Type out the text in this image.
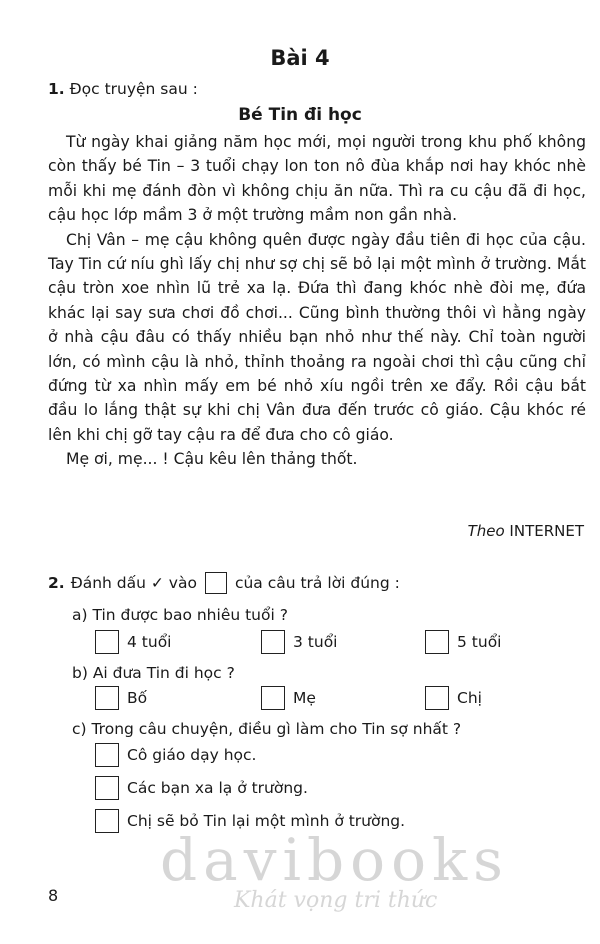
Bài 4
1. Đọc truyện sau :
Bé Tin đi học

Từ ngày khai giảng năm học mới, mọi người trong khu phố không còn thấy bé Tin – 3 tuổi chạy lon ton nô đùa khắp nơi hay khóc nhè mỗi khi mẹ đánh đòn vì không chịu ăn nữa. Thì ra cu cậu đã đi học, cậu học lớp mầm 3 ở một trường mầm non gần nhà.

Chị Vân – mẹ cậu không quên được ngày đầu tiên đi học của cậu. Tay Tin cứ níu ghì lấy chị như sợ chị sẽ bỏ lại một mình ở trường. Mắt cậu tròn xoe nhìn lũ trẻ xa lạ. Đứa thì đang khóc nhè đòi mẹ, đứa khác lại say sưa chơi đồ chơi... Cũng bình thường thôi vì hằng ngày ở nhà cậu đâu có thấy nhiều bạn nhỏ như thế này. Chỉ toàn người lớn, có mình cậu là nhỏ, thỉnh thoảng ra ngoài chơi thì cậu cũng chỉ đứng từ xa nhìn mấy em bé nhỏ xíu ngồi trên xe đẩy. Rồi cậu bắt đầu lo lắng thật sự khi chị Vân đưa đến trước cô giáo. Cậu khóc ré lên khi chị gỡ tay cậu ra để đưa cho cô giáo.

Mẹ ơi, mẹ... ! Cậu kêu lên thảng thốt.

Theo INTERNET
2. Đánh dấu ✓ vào của câu trả lời đúng :
a) Tin được bao nhiêu tuổi ?
4 tuổi	3 tuổi	5 tuổi
b) Ai đưa Tin đi học ?
Bố	Mẹ	Chị
c) Trong câu chuyện, điều gì làm cho Tin sợ nhất ?
Cô giáo dạy học.
Các bạn xa lạ ở trường.
Chị sẽ bỏ Tin lại một mình ở trường.
davibooks
Khát vọng tri thức
8
